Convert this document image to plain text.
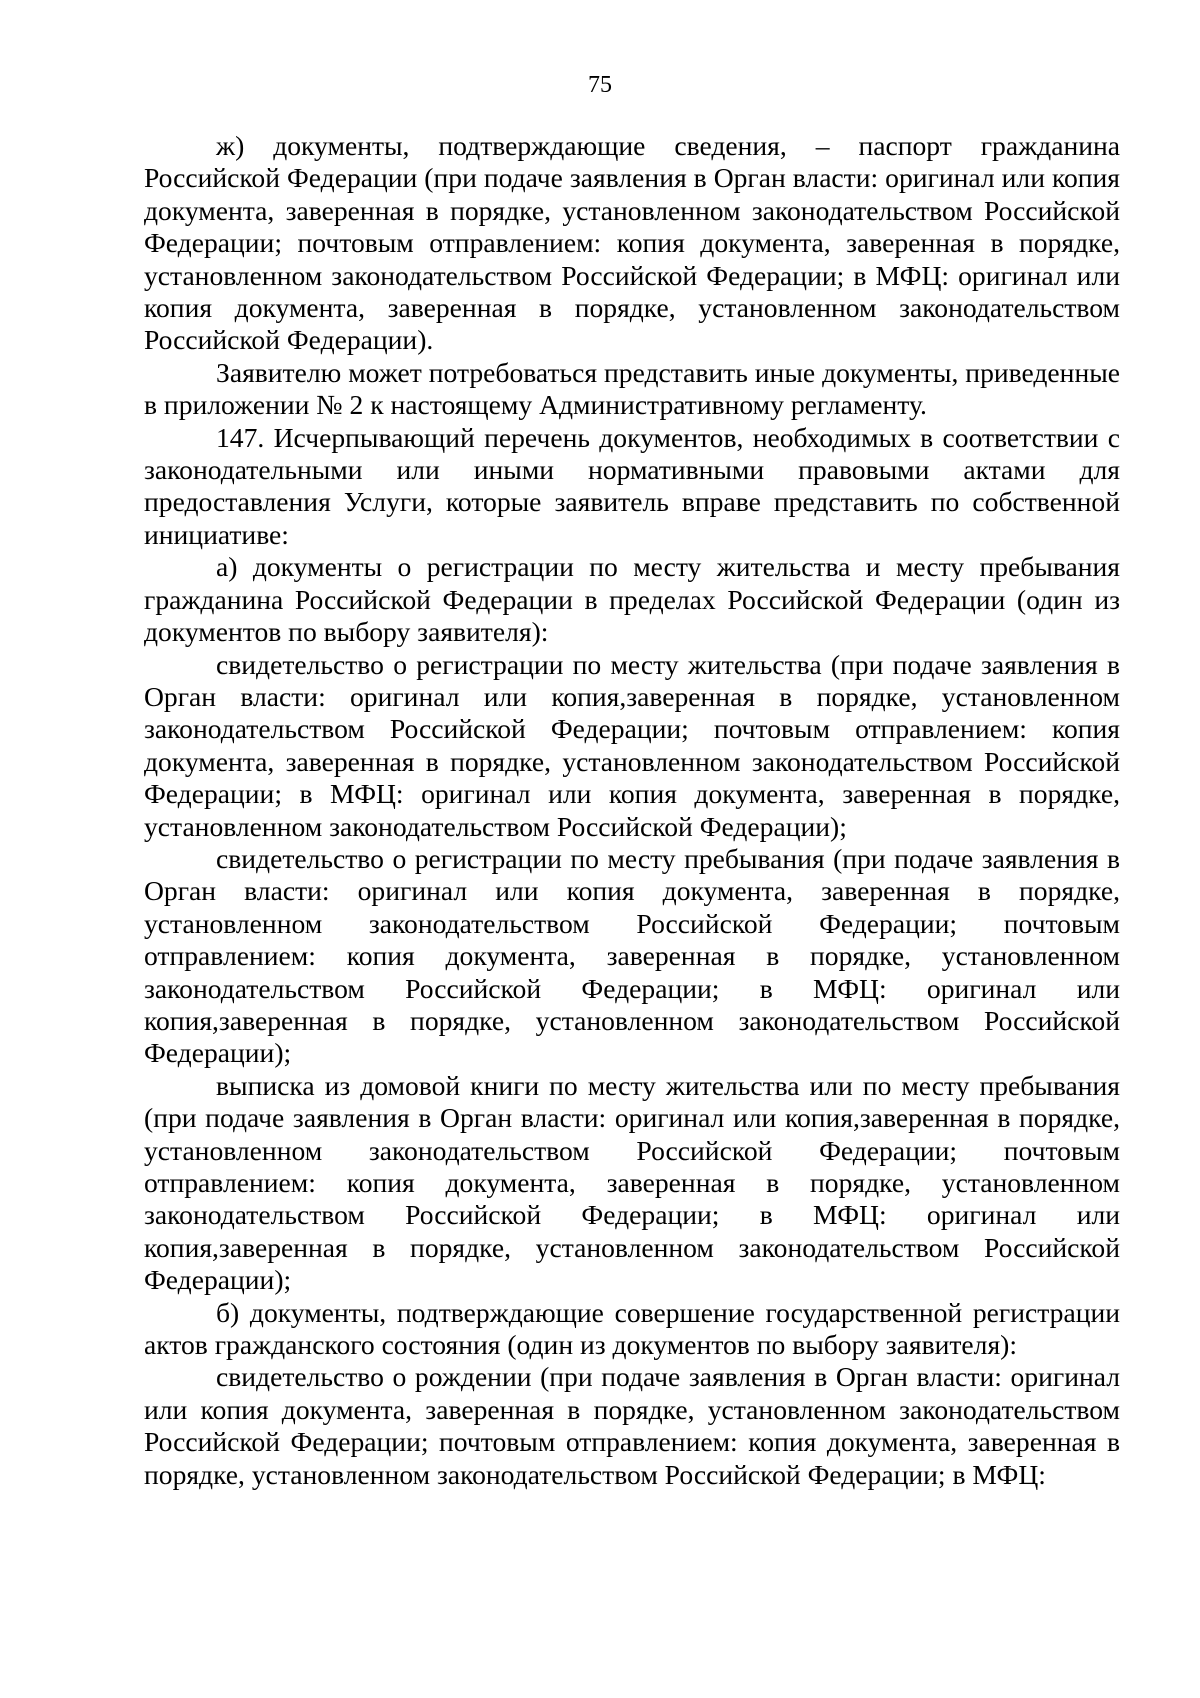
75

ж) документы, подтверждающие сведения, – паспорт гражданина Российской Федерации (при подаче заявления в Орган власти: оригинал или копия документа, заверенная в порядке, установленном законодательством Российской Федерации; почтовым отправлением: копия документа, заверенная в порядке, установленном законодательством Российской Федерации; в МФЦ: оригинал или копия документа, заверенная в порядке, установленном законодательством Российской Федерации).

Заявителю может потребоваться представить иные документы, приведенные в приложении № 2 к настоящему Административному регламенту.

147. Исчерпывающий перечень документов, необходимых в соответствии с законодательными или иными нормативными правовыми актами для предоставления Услуги, которые заявитель вправе представить по собственной инициативе:

а) документы о регистрации по месту жительства и месту пребывания гражданина Российской Федерации в пределах Российской Федерации (один из документов по выбору заявителя):

свидетельство о регистрации по месту жительства (при подаче заявления в Орган власти: оригинал или копия,заверенная в порядке, установленном законодательством Российской Федерации; почтовым отправлением: копия документа, заверенная в порядке, установленном законодательством Российской Федерации; в МФЦ: оригинал или копия документа, заверенная в порядке, установленном законодательством Российской Федерации);

свидетельство о регистрации по месту пребывания (при подаче заявления в Орган власти: оригинал или копия документа, заверенная в порядке, установленном законодательством Российской Федерации; почтовым отправлением: копия документа, заверенная в порядке, установленном законодательством Российской Федерации; в МФЦ: оригинал или копия,заверенная в порядке, установленном законодательством Российской Федерации);

выписка из домовой книги по месту жительства или по месту пребывания (при подаче заявления в Орган власти: оригинал или копия,заверенная в порядке, установленном законодательством Российской Федерации; почтовым отправлением: копия документа, заверенная в порядке, установленном законодательством Российской Федерации; в МФЦ: оригинал или копия,заверенная в порядке, установленном законодательством Российской Федерации);

б) документы, подтверждающие совершение государственной регистрации актов гражданского состояния (один из документов по выбору заявителя):

свидетельство о рождении (при подаче заявления в Орган власти: оригинал или копия документа, заверенная в порядке, установленном законодательством Российской Федерации; почтовым отправлением: копия документа, заверенная в порядке, установленном законодательством Российской Федерации; в МФЦ:
